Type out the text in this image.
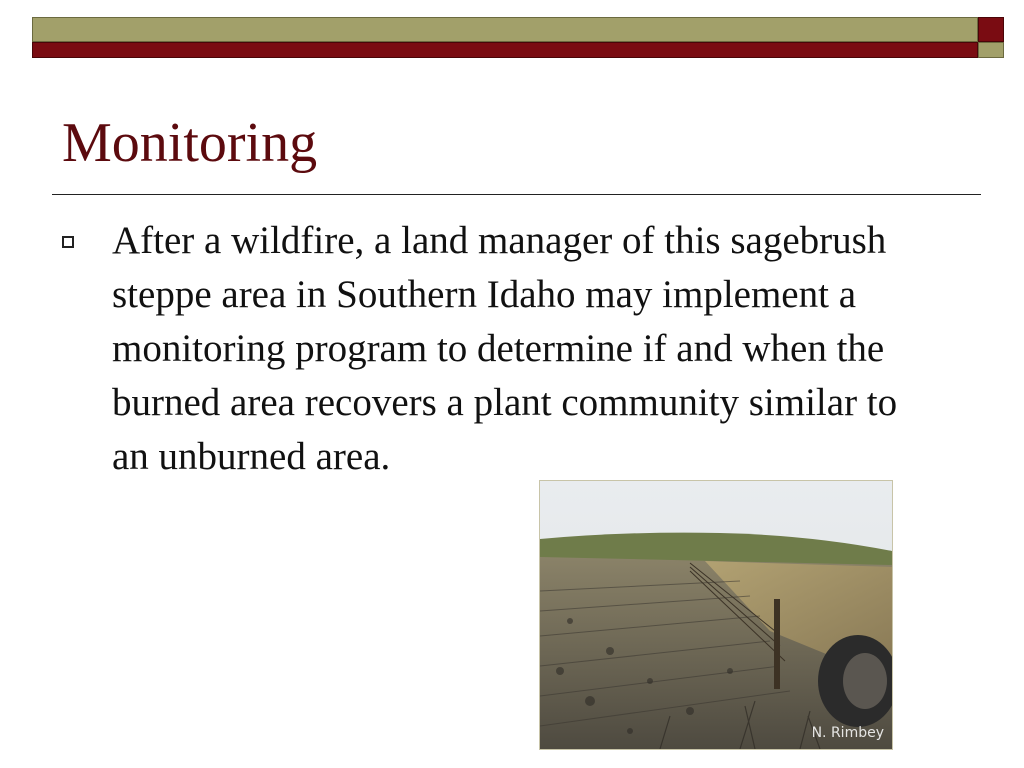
Monitoring

After a wildfire, a land manager of this sagebrush steppe area in Southern Idaho may implement a monitoring program to determine if and when the burned area recovers a plant community similar to an unburned area.

N. Rimbey
